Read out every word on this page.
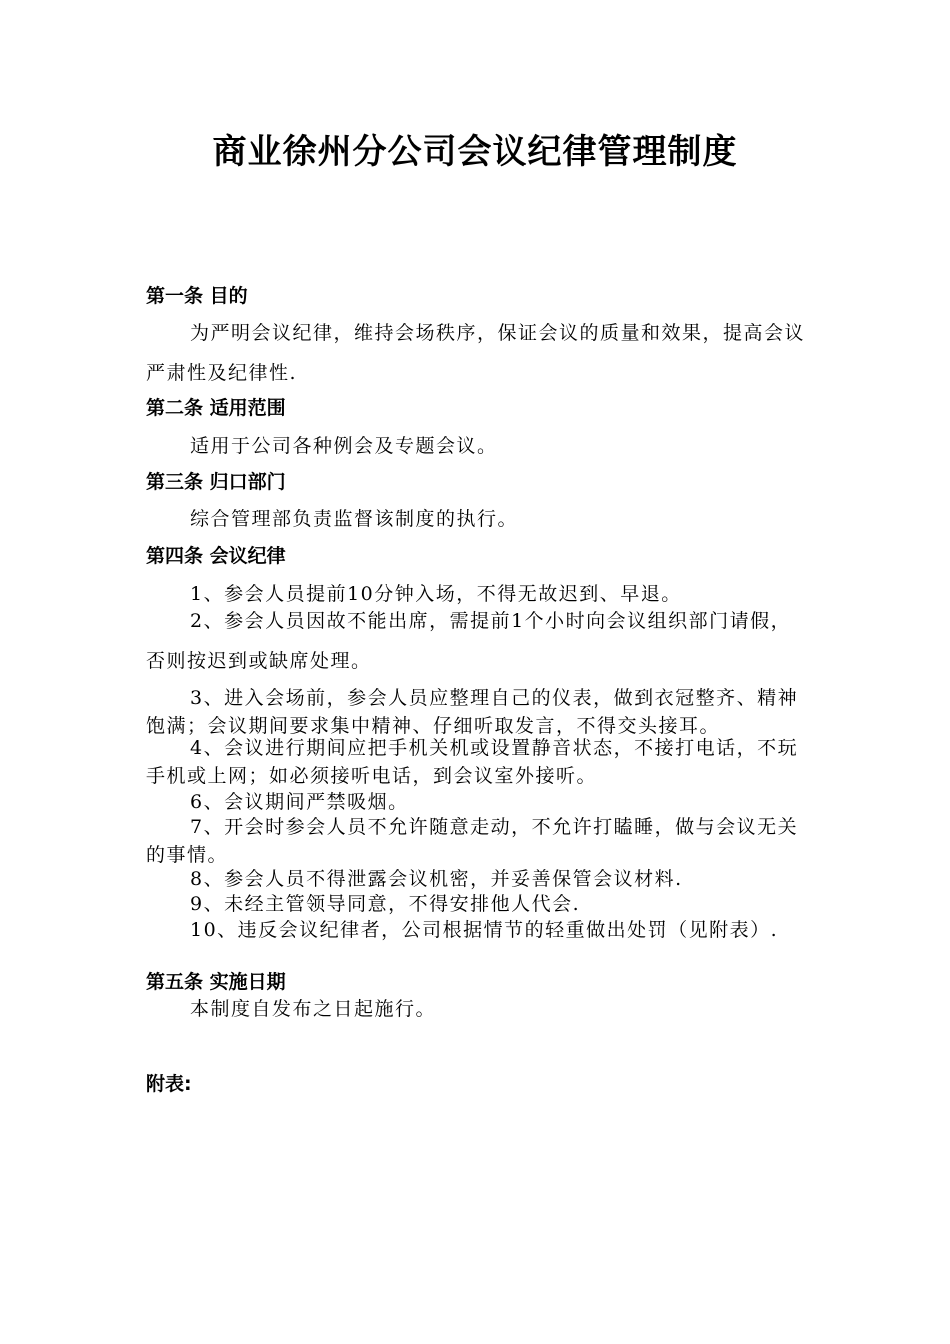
商业徐州分公司会议纪律管理制度
第一条 目的

为严明会议纪律，维持会场秩序，保证会议的质量和效果，提高会议严肃性及纪律性.

第二条 适用范围

适用于公司各种例会及专题会议。

第三条 归口部门

综合管理部负责监督该制度的执行。

第四条 会议纪律

1、参会人员提前10分钟入场，不得无故迟到、早退。

2、参会人员因故不能出席，需提前1个小时向会议组织部门请假，否则按迟到或缺席处理。

3、进入会场前，参会人员应整理自己的仪表，做到衣冠整齐、精神饱满；会议期间要求集中精神、仔细听取发言，不得交头接耳。

4、会议进行期间应把手机关机或设置静音状态，不接打电话，不玩手机或上网；如必须接听电话，到会议室外接听。

6、会议期间严禁吸烟。

7、开会时参会人员不允许随意走动，不允许打瞌睡，做与会议无关的事情。

8、参会人员不得泄露会议机密，并妥善保管会议材料.

9、未经主管领导同意，不得安排他人代会.

10、违反会议纪律者，公司根据情节的轻重做出处罚（见附表）.

第五条 实施日期

本制度自发布之日起施行。

附表:
